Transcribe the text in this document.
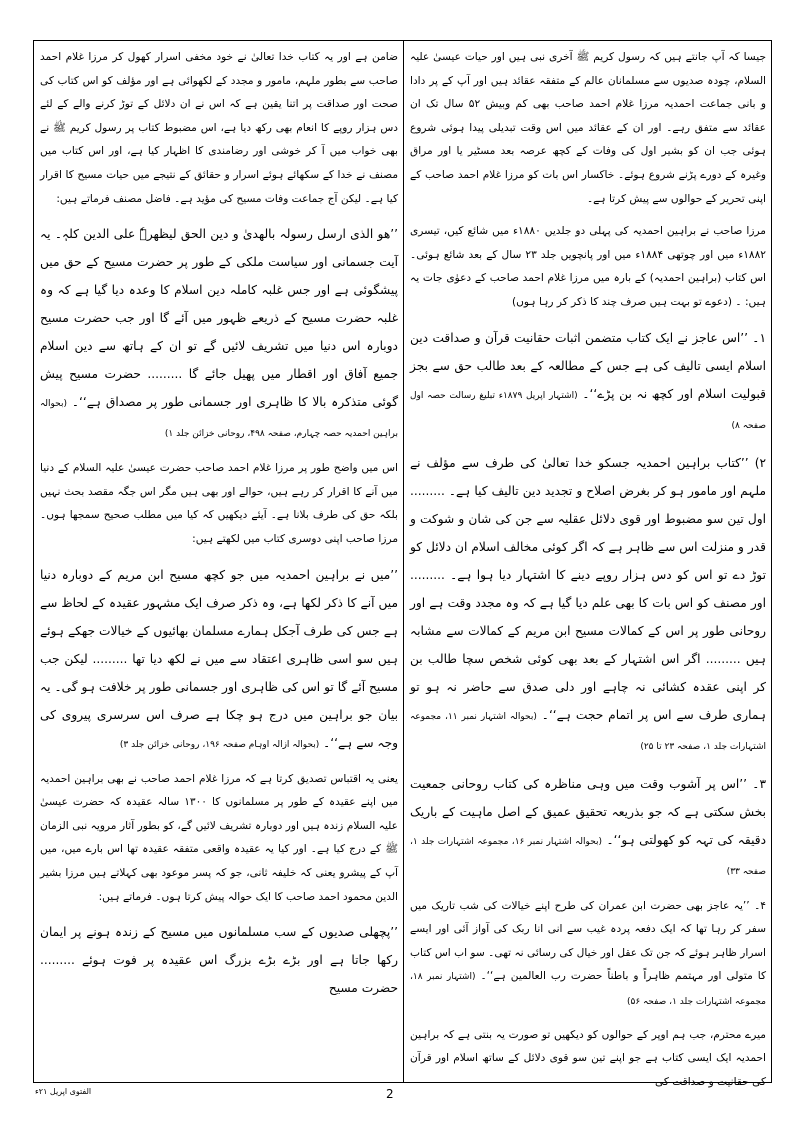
جیسا کہ آپ جانتے ہیں کہ رسول کریم ﷺ آخری نبی ہیں اور حیات عیسیٰ علیہ السلام، چودہ صدیوں سے مسلمانان عالم کے متفقہ عقائد ہیں اور آپ کے پر دادا و بانی جماعت احمدیہ مرزا غلام احمد صاحب بھی کم وبیش ۵۲ سال تک ان عقائد سے متفق رہے۔ اور ان کے عقائد میں اس وقت تبدیلی پیدا ہوئی شروع ہوئی جب ان کو بشیر اول کی وفات کے کچھ عرصہ بعد مسٹیر یا اور مراق وغیرہ کے دورے پڑنے شروع ہوئے۔ خاکسار اس بات کو مرزا غلام احمد صاحب کے اپنی تحریر کے حوالوں سے پیش کرتا ہے۔

مرزا صاحب نے براہین احمدیہ کی پہلی دو جلدیں ۱۸۸۰ء میں شائع کیں، تیسری ۱۸۸۲ء میں اور چوتھی ۱۸۸۴ء میں اور پانچویں جلد ۲۳ سال کے بعد شائع ہوئی۔ اس کتاب (براہین احمدیہ) کے بارہ میں مرزا غلام احمد صاحب کے دعوٰی جات یہ ہیں: ۔ (دعوے تو بہت ہیں صرف چند کا ذکر کر رہا ہوں)

۱۔ ’’اس عاجز نے ایک کتاب متضمن اثبات حقانیت قرآن و صداقت دین اسلام ایسی تالیف کی ہے جس کے مطالعہ کے بعد طالب حق سے بجز قبولیت اسلام اور کچھ نہ بن پڑے‘‘۔ (اشتہار اپریل ۱۸۷۹ء تبلیغ رسالت حصہ اول صفحہ ۸)

۲) ’’کتاب براہین احمدیہ جسکو خدا تعالیٰ کی طرف سے مؤلف نے ملہم اور مامور ہو کر بغرض اصلاح و تجدید دین تالیف کیا ہے۔ ......... اول تین سو مضبوط اور قوی دلائل عقلیہ سے جن کی شان و شوکت و قدر و منزلت اس سے ظاہر ہے کہ اگر کوئی مخالف اسلام ان دلائل کو توڑ دے تو اس کو دس ہزار روپے دینے کا اشتہار دیا ہوا ہے۔ ......... اور مصنف کو اس بات کا بھی علم دیا گیا ہے کہ وہ مجدد وقت ہے اور روحانی طور پر اس کے کمالات مسیح ابن مریم کے کمالات سے مشابہ ہیں ......... اگر اس اشتہار کے بعد بھی کوئی شخص سچا طالب بن کر اپنی عقدہ کشائی نہ چاہے اور دلی صدق سے حاضر نہ ہو تو ہماری طرف سے اس پر اتمام حجت ہے‘‘۔ (بحوالہ اشتہار نمبر ۱۱، مجموعہ اشتہارات جلد ۱، صفحہ ۲۳ تا ۲۵)

۳۔ ’’اس پر آشوب وقت میں وہی مناظرہ کی کتاب روحانی جمعیت بخش سکتی ہے کہ جو بذریعہ تحقیق عمیق کے اصل ماہیت کے باریک دقیقہ کی تہہ کو کھولتی ہو‘‘۔ (بحوالہ اشتہار نمبر ۱۶، مجموعہ اشتہارات جلد ۱، صفحہ ۳۳)

۴۔ ’’یہ عاجز بھی حضرت ابن عمران کی طرح اپنے خیالات کی شب تاریک میں سفر کر رہا تھا کہ ایک دفعہ پردہ غیب سے انی انا ربک کی آواز آئی اور ایسے اسرار ظاہر ہوئے کہ جن تک عقل اور خیال کی رسائی نہ تھی۔ سو اب اس کتاب کا متولی اور مہتمم ظاہراً و باطناً حضرت رب العالمین ہے‘‘۔ (اشتہار نمبر ۱۸، مجموعہ اشتہارات جلد ۱، صفحہ ۵۶)

میرے محترم، جب ہم اوپر کے حوالوں کو دیکھیں تو صورت یہ بنتی ہے کہ براہین احمدیہ ایک ایسی کتاب ہے جو اپنے تین سو قوی دلائل کے ساتھ اسلام اور قرآن کی حقانیت و صداقت کی

ضامن ہے اور یہ کتاب خدا تعالیٰ نے خود مخفی اسرار کھول کر مرزا غلام احمد صاحب سے بطور ملہم، مامور و مجدد کے لکھوائی ہے اور مؤلف کو اس کتاب کی صحت اور صداقت پر اتنا یقین ہے کہ اس نے ان دلائل کے توڑ کرنے والے کے لئے دس ہزار روپے کا انعام بھی رکھ دیا ہے، اس مضبوط کتاب پر رسول کریم ﷺ نے بھی خواب میں آ کر خوشی اور رضامندی کا اظہار کیا ہے، اور اس کتاب میں مصنف نے خدا کے سکھائے ہوئے اسرار و حقائق کے نتیجے میں حیات مسیح کا اقرار کیا ہے۔ لیکن آج جماعت وفات مسیح کی مؤید ہے۔ فاضل مصنف فرماتے ہیں:

’’ھو الذی ارسل رسولہ بالھدیٰ و دین الحق لیظھرہٗ علی الدین کلہٖ۔ یہ آیت جسمانی اور سیاست ملکی کے طور پر حضرت مسیح کے حق میں پیشگوئی ہے اور جس غلبہ کاملہ دین اسلام کا وعدہ دیا گیا ہے کہ وہ غلبہ حضرت مسیح کے ذریعے ظہور میں آئے گا اور جب حضرت مسیح دوبارہ اس دنیا میں تشریف لائیں گے تو ان کے ہاتھ سے دین اسلام جمیع آفاق اور اقطار میں پھیل جائے گا ......... حضرت مسیح پیش گوئی متذکرہ بالا کا ظاہری اور جسمانی طور پر مصداق ہے‘‘۔ (بحوالہ براہین احمدیہ حصہ چہارم، صفحہ ۴۹۸، روحانی خزائن جلد ۱)

اس میں واضح طور پر مرزا غلام احمد صاحب حضرت عیسیٰ علیہ السلام کے دنیا میں آنے کا اقرار کر رہے ہیں، حوالے اور بھی ہیں مگر اس جگہ مقصد بحث نہیں بلکہ حق کی طرف بلانا ہے۔ آیئے دیکھیں کہ کیا میں مطلب صحیح سمجھا ہوں۔ مرزا صاحب اپنی دوسری کتاب میں لکھتے ہیں:

’’میں نے براہین احمدیہ میں جو کچھ مسیح ابن مریم کے دوبارہ دنیا میں آنے کا ذکر لکھا ہے، وہ ذکر صرف ایک مشہور عقیدہ کے لحاظ سے ہے جس کی طرف آجکل ہمارے مسلمان بھائیوں کے خیالات جھکے ہوئے ہیں سو اسی ظاہری اعتقاد سے میں نے لکھ دیا تھا ......... لیکن جب مسیح آئے گا تو اس کی ظاہری اور جسمانی طور پر خلافت ہو گی۔ یہ بیان جو براہین میں درج ہو چکا ہے صرف اس سرسری پیروی کی وجہ سے ہے‘‘۔ (بحوالہ ازالہ اوہام صفحہ ۱۹۶، روحانی خزائن جلد ۳)

یعنی یہ اقتباس تصدیق کرتا ہے کہ مرزا غلام احمد صاحب نے بھی براہین احمدیہ میں اپنے عقیدہ کے طور پر مسلمانوں کا ۱۳۰۰ سالہ عقیدہ کہ حضرت عیسیٰ علیہ السلام زندہ ہیں اور دوبارہ تشریف لائیں گے، کو بطور آثار مرویہ نبی الزمان ﷺ کے درج کیا ہے۔ اور کیا یہ عقیدہ واقعی متفقہ عقیدہ تھا اس بارے میں، میں آپ کے پیشرو یعنی کہ خلیفہ ثانی، جو کہ پسر موعود بھی کہلاتے ہیں مرزا بشیر الدین محمود احمد صاحب کا ایک حوالہ پیش کرتا ہوں۔ فرماتے ہیں:

’’پچھلی صدیوں کے سب مسلمانوں میں مسیح کے زندہ ہونے پر ایمان رکھا جاتا ہے اور بڑے بڑے بزرگ اس عقیدہ پر فوت ہوئے ......... حضرت مسیح

الفتوی اپریل ۲۱ء	2
